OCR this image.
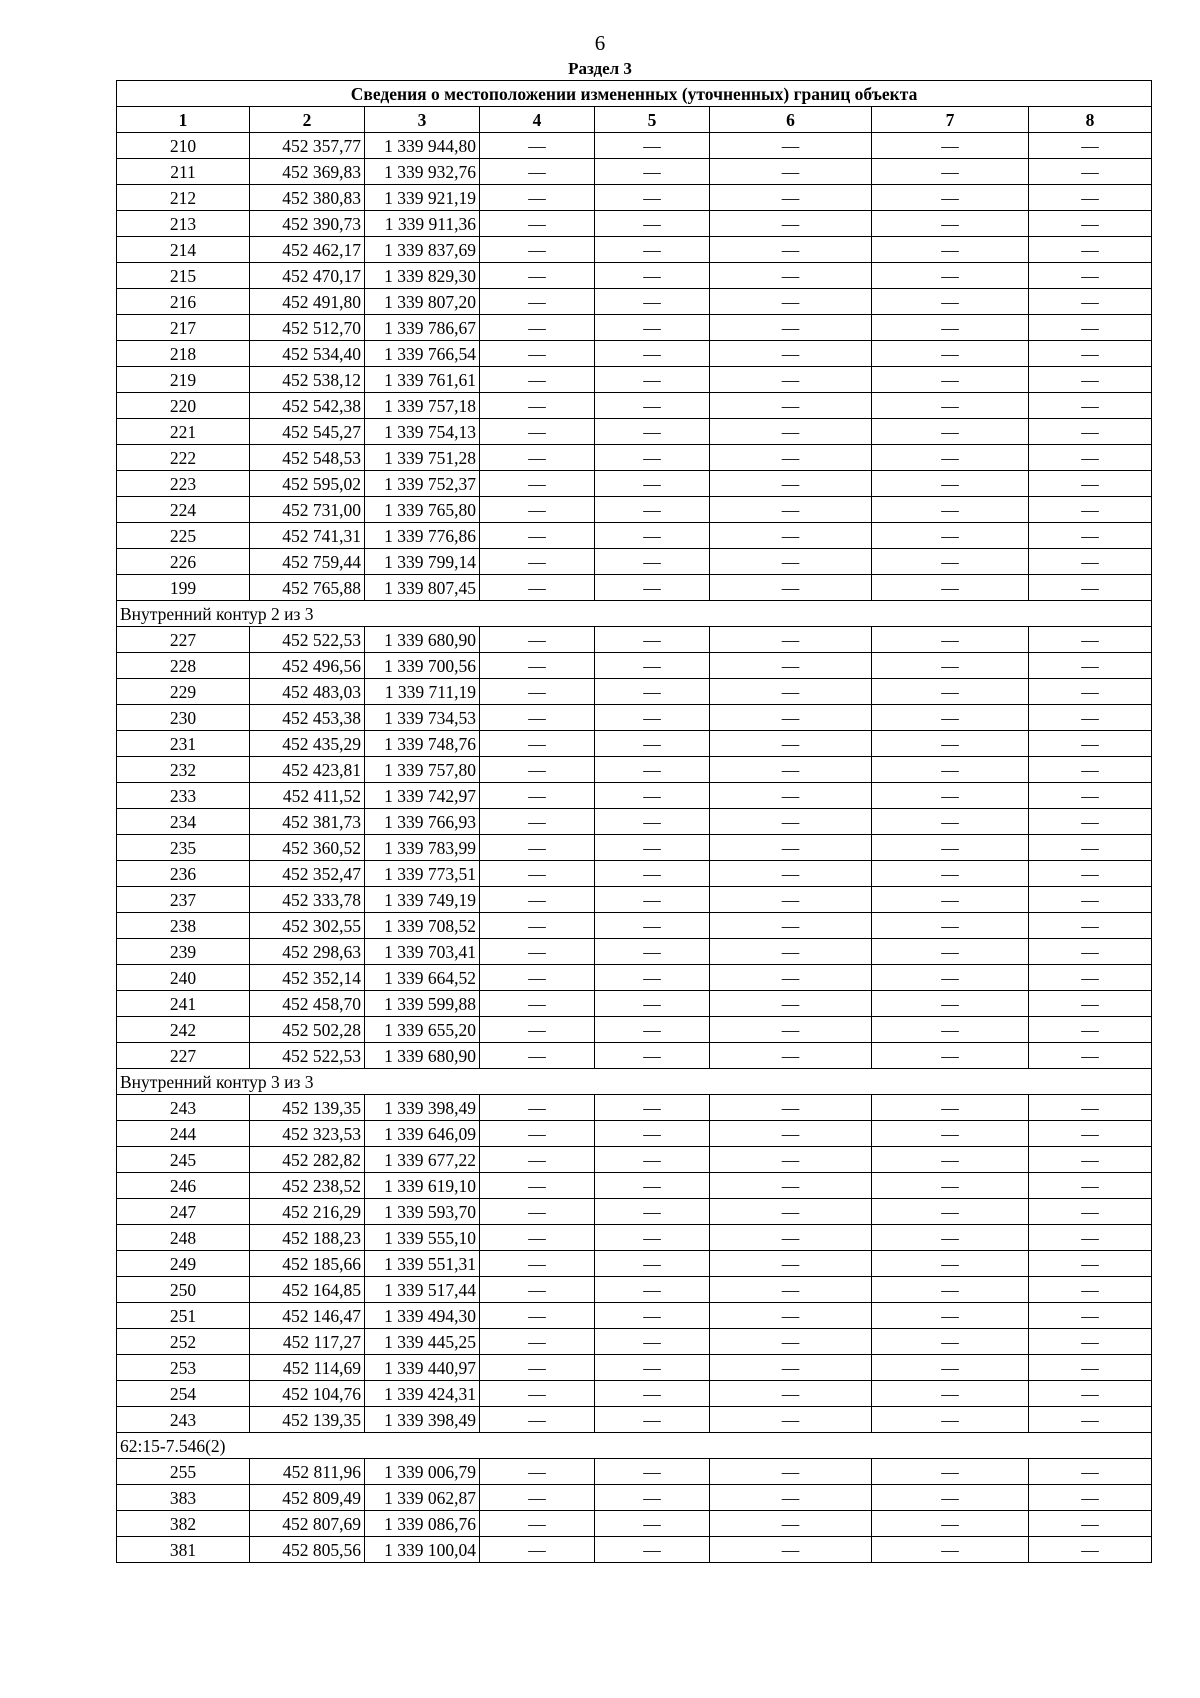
6
Раздел 3
Сведения о местоположении измененных (уточненных) границ объекта							
1	2	3	4	5	6	7	8
210	452 357,77	1 339 944,80	—	—	—	—	—
211	452 369,83	1 339 932,76	—	—	—	—	—
212	452 380,83	1 339 921,19	—	—	—	—	—
213	452 390,73	1 339 911,36	—	—	—	—	—
214	452 462,17	1 339 837,69	—	—	—	—	—
215	452 470,17	1 339 829,30	—	—	—	—	—
216	452 491,80	1 339 807,20	—	—	—	—	—
217	452 512,70	1 339 786,67	—	—	—	—	—
218	452 534,40	1 339 766,54	—	—	—	—	—
219	452 538,12	1 339 761,61	—	—	—	—	—
220	452 542,38	1 339 757,18	—	—	—	—	—
221	452 545,27	1 339 754,13	—	—	—	—	—
222	452 548,53	1 339 751,28	—	—	—	—	—
223	452 595,02	1 339 752,37	—	—	—	—	—
224	452 731,00	1 339 765,80	—	—	—	—	—
225	452 741,31	1 339 776,86	—	—	—	—	—
226	452 759,44	1 339 799,14	—	—	—	—	—
199	452 765,88	1 339 807,45	—	—	—	—	—
Внутренний контур 2 из 3							
227	452 522,53	1 339 680,90	—	—	—	—	—
228	452 496,56	1 339 700,56	—	—	—	—	—
229	452 483,03	1 339 711,19	—	—	—	—	—
230	452 453,38	1 339 734,53	—	—	—	—	—
231	452 435,29	1 339 748,76	—	—	—	—	—
232	452 423,81	1 339 757,80	—	—	—	—	—
233	452 411,52	1 339 742,97	—	—	—	—	—
234	452 381,73	1 339 766,93	—	—	—	—	—
235	452 360,52	1 339 783,99	—	—	—	—	—
236	452 352,47	1 339 773,51	—	—	—	—	—
237	452 333,78	1 339 749,19	—	—	—	—	—
238	452 302,55	1 339 708,52	—	—	—	—	—
239	452 298,63	1 339 703,41	—	—	—	—	—
240	452 352,14	1 339 664,52	—	—	—	—	—
241	452 458,70	1 339 599,88	—	—	—	—	—
242	452 502,28	1 339 655,20	—	—	—	—	—
227	452 522,53	1 339 680,90	—	—	—	—	—
Внутренний контур 3 из 3							
243	452 139,35	1 339 398,49	—	—	—	—	—
244	452 323,53	1 339 646,09	—	—	—	—	—
245	452 282,82	1 339 677,22	—	—	—	—	—
246	452 238,52	1 339 619,10	—	—	—	—	—
247	452 216,29	1 339 593,70	—	—	—	—	—
248	452 188,23	1 339 555,10	—	—	—	—	—
249	452 185,66	1 339 551,31	—	—	—	—	—
250	452 164,85	1 339 517,44	—	—	—	—	—
251	452 146,47	1 339 494,30	—	—	—	—	—
252	452 117,27	1 339 445,25	—	—	—	—	—
253	452 114,69	1 339 440,97	—	—	—	—	—
254	452 104,76	1 339 424,31	—	—	—	—	—
243	452 139,35	1 339 398,49	—	—	—	—	—
62:15-7.546(2)							
255	452 811,96	1 339 006,79	—	—	—	—	—
383	452 809,49	1 339 062,87	—	—	—	—	—
382	452 807,69	1 339 086,76	—	—	—	—	—
381	452 805,56	1 339 100,04	—	—	—	—	—
